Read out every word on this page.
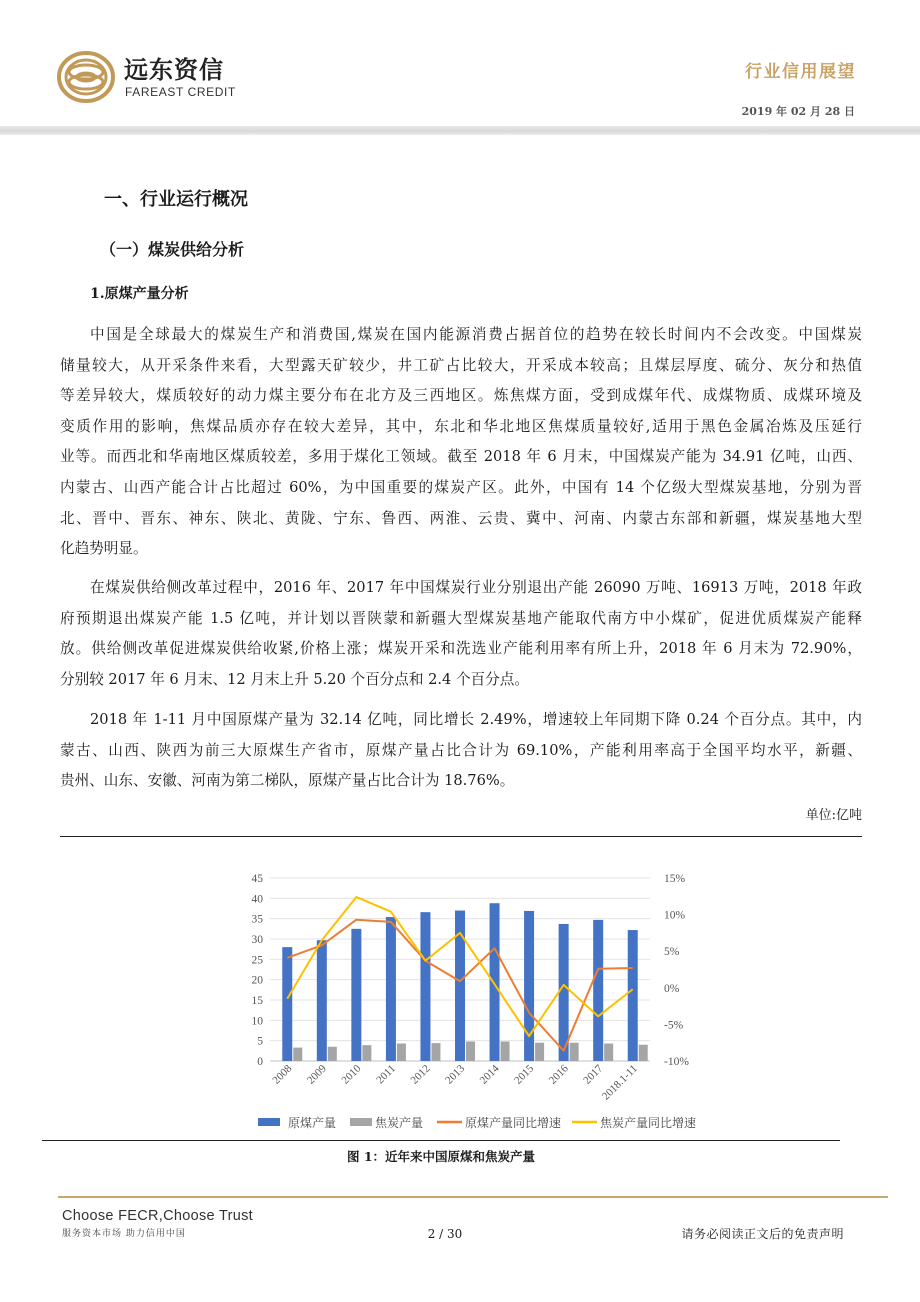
远东资信
FAREAST CREDIT
行业信用展望
2019 年 02 月 28 日
一、行业运行概况
（一）煤炭供给分析
1.原煤产量分析
中国是全球最大的煤炭生产和消费国,煤炭在国内能源消费占据首位的趋势在较长时间内不会改变。中国煤炭
储量较大，从开采条件来看，大型露天矿较少，井工矿占比较大，开采成本较高；且煤层厚度、硫分、灰分和热值
等差异较大，煤质较好的动力煤主要分布在北方及三西地区。炼焦煤方面，受到成煤年代、成煤物质、成煤环境及
变质作用的影响，焦煤品质亦存在较大差异，其中，东北和华北地区焦煤质量较好,适用于黑色金属冶炼及压延行
业等。而西北和华南地区煤质较差，多用于煤化工领域。截至 2018 年 6 月末，中国煤炭产能为 34.91 亿吨，山西、
内蒙古、山西产能合计占比超过 60%，为中国重要的煤炭产区。此外，中国有 14 个亿级大型煤炭基地，分别为晋
北、晋中、晋东、神东、陕北、黄陇、宁东、鲁西、两淮、云贵、冀中、河南、内蒙古东部和新疆，煤炭基地大型
化趋势明显。
在煤炭供给侧改革过程中，2016 年、2017 年中国煤炭行业分别退出产能 26090 万吨、16913 万吨，2018 年政
府预期退出煤炭产能 1.5 亿吨，并计划以晋陕蒙和新疆大型煤炭基地产能取代南方中小煤矿，促进优质煤炭产能释
放。供给侧改革促进煤炭供给收紧,价格上涨；煤炭开采和洗选业产能利用率有所上升，2018 年 6 月末为 72.90%，
分别较 2017 年 6 月末、12 月末上升 5.20 个百分点和 2.4 个百分点。
2018 年 1-11 月中国原煤产量为 32.14 亿吨，同比增长 2.49%，增速较上年同期下降 0.24 个百分点。其中，内
蒙古、山西、陕西为前三大原煤生产省市，原煤产量占比合计为 69.10%，产能利用率高于全国平均水平，新疆、
贵州、山东、安徽、河南为第二梯队，原煤产量占比合计为 18.76%。
单位:亿吨
0
5
10
15
20
25
30
35
40
45
-10%
-5%
0%
5%
10%
15%
2008 2009 2010 2011 2012 2013 2014 2015 2016 2017
2018.1-11
原煤产量	焦炭产量	原煤产量同比增速	焦炭产量同比增速
图 1：近年来中国原煤和焦炭产量
Choose FECR,Choose Trust
服务资本市场 助力信用中国	2 / 30	请务必阅读正文后的免责声明
